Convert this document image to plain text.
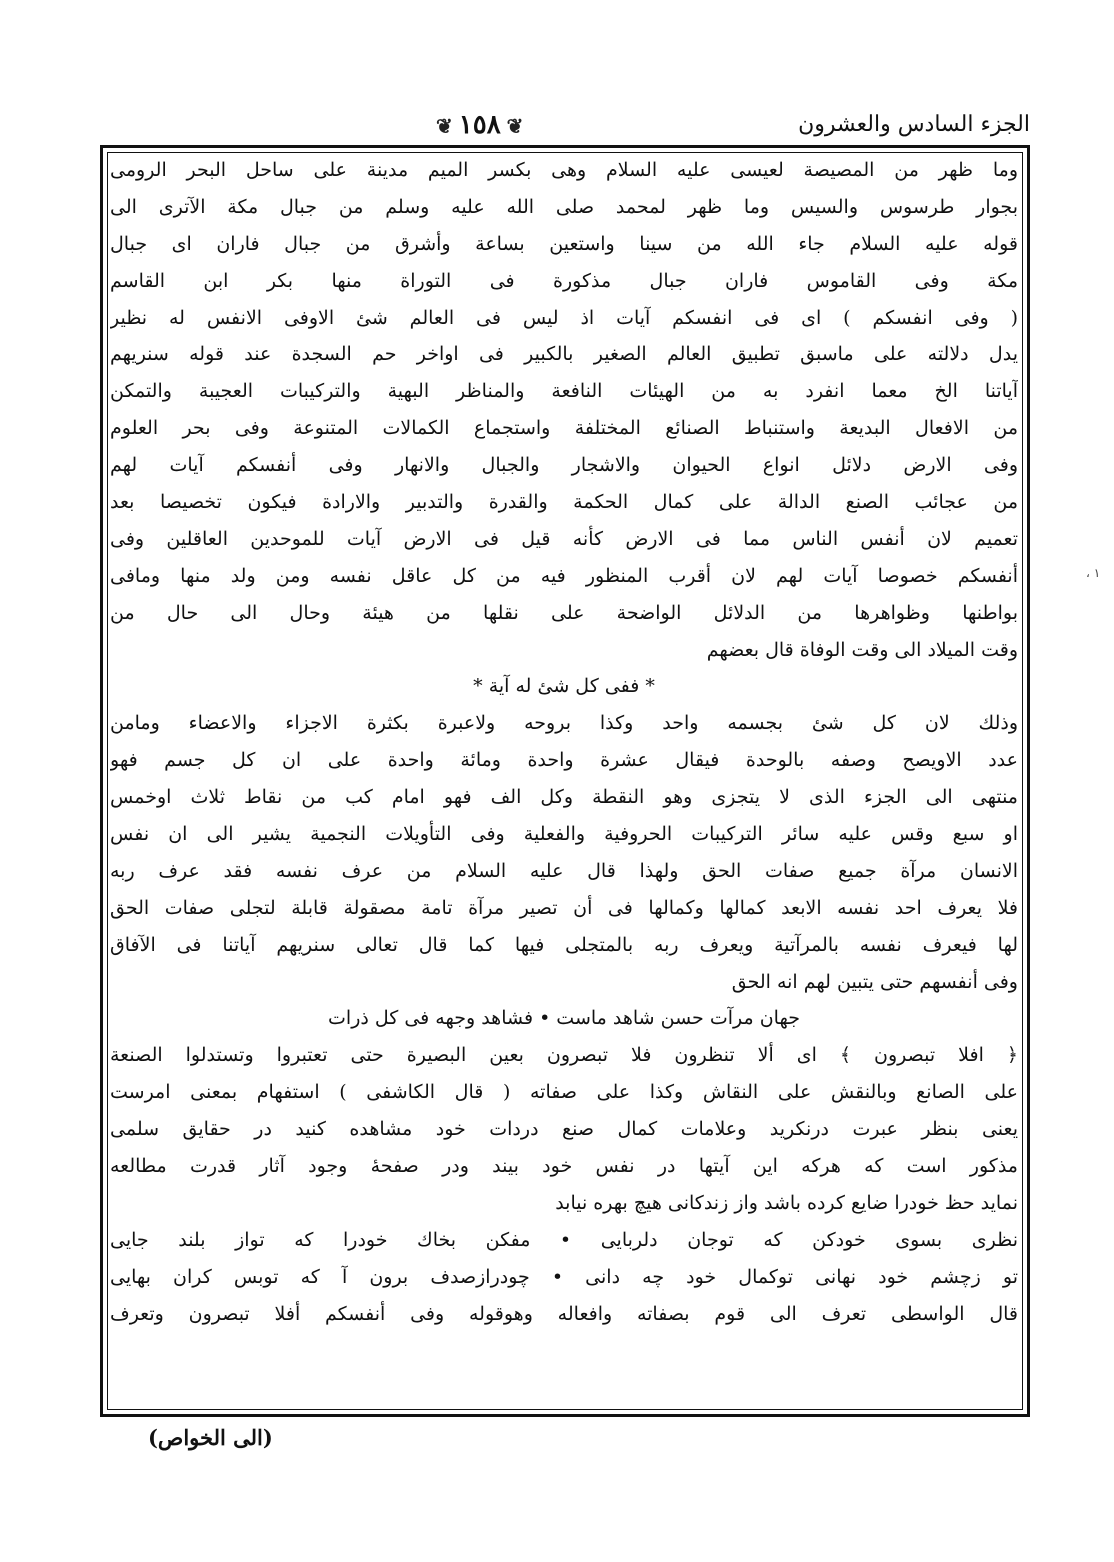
الجزء السادس والعشرون
❦١٥٨❦
وما ظهر من المصيصة لعيسى عليه السلام وهى بكسر الميم مدينة على ساحل البحر الرومى
بجوار طرسوس والسيس وما ظهر لمحمد صلى الله عليه وسلم من جبال مكة الآترى الى
قوله عليه السلام جاء الله من سينا واستعين بساعة وأشرق من جبال فاران اى جبال
مكة وفى القاموس فاران جبال مذكورة فى التوراة منها بكر ابن القاسم
( وفى انفسكم ) اى فى انفسكم آيات اذ ليس فى العالم شئ الاوفى الانفس له نظير
يدل دلالته على ماسبق تطبيق العالم الصغير بالكبير فى اواخر حم السجدة عند قوله سنريهم
آياتنا الخ معما انفرد به من الهيئات النافعة والمناظر البهية والتركيبات العجيبة والتمكن
من الافعال البديعة واستنباط الصنائع المختلفة واستجماع الكمالات المتنوعة وفى بحر العلوم
وفى الارض دلائل انواع الحيوان والاشجار والجبال والانهار وفى أنفسكم آيات لهم
من عجائب الصنع الدالة على كمال الحكمة والقدرة والتدبير والارادة فيكون تخصيصا بعد
تعميم لان أنفس الناس مما فى الارض كأنه قيل فى الارض آيات للموحدين العاقلين وفى
أنفسكم خصوصا آيات لهم لان أقرب المنظور فيه من كل عاقل نفسه ومن ولد منها ومافى
بواطنها وظواهرها من الدلائل الواضحة على نقلها من هيئة وحال الى حال من
وقت الميلاد الى وقت الوفاة قال بعضهم
* ففى كل شئ له آية *
وذلك لان كل شئ بجسمه واحد وكذا بروحه ولاعبرة بكثرة الاجزاء والاعضاء ومامن
عدد الاويصح وصفه بالوحدة فيقال عشرة واحدة ومائة واحدة على ان كل جسم فهو
منتهى الى الجزء الذى لا يتجزى وهو النقطة وكل الف فهو امام كب من نقاط ثلاث اوخمس
او سبع وقس عليه سائر التركيبات الحروفية والفعلية وفى التأويلات النجمية يشير الى ان نفس
الانسان مرآة جميع صفات الحق ولهذا قال عليه السلام من عرف نفسه فقد عرف ربه
فلا يعرف احد نفسه الابعد كمالها وكمالها فى أن تصير مرآة تامة مصقولة قابلة لتجلى صفات الحق
لها فيعرف نفسه بالمرآتية ويعرف ربه بالمتجلى فيها كما قال تعالى سنريهم آياتنا فى الآفاق
وفى أنفسهم حتى يتبين لهم انه الحق
جهان مرآت حسن شاهد ماست • فشاهد وجهه فى كل ذرات
﴿ افلا تبصرون ﴾ اى ألا تنظرون فلا تبصرون بعين البصيرة حتى تعتبروا وتستدلوا الصنعة
على الصانع وبالنقش على النقاش وكذا على صفاته ( قال الكاشفى ) استفهام بمعنى امرست
يعنى بنظر عبرت درنكريد وعلامات كمال صنع دردات خود مشاهده كنيد در حقايق سلمى
مذكور است كه هركه اين آيتها در نفس خود بيند ودر صفحهٔ وجود آثار قدرت مطالعه
نمايد حظ خودرا ضايع كرده باشد واز زندكانى هيچ بهره نيابد
نظرى بسوى خودكن كه توجان دلربايى • مفكن بخاك خودرا كه تواز بلند جايى
تو زچشم خود نهانى توكمال خود چه دانى • چودرازصدف برون آ كه توبس كران بهايى
قال الواسطى تعرف الى قوم بصفاته وافعاله وهوقوله وفى أنفسكم أفلا تبصرون وتعرف
(الى الخواص)
، ١
